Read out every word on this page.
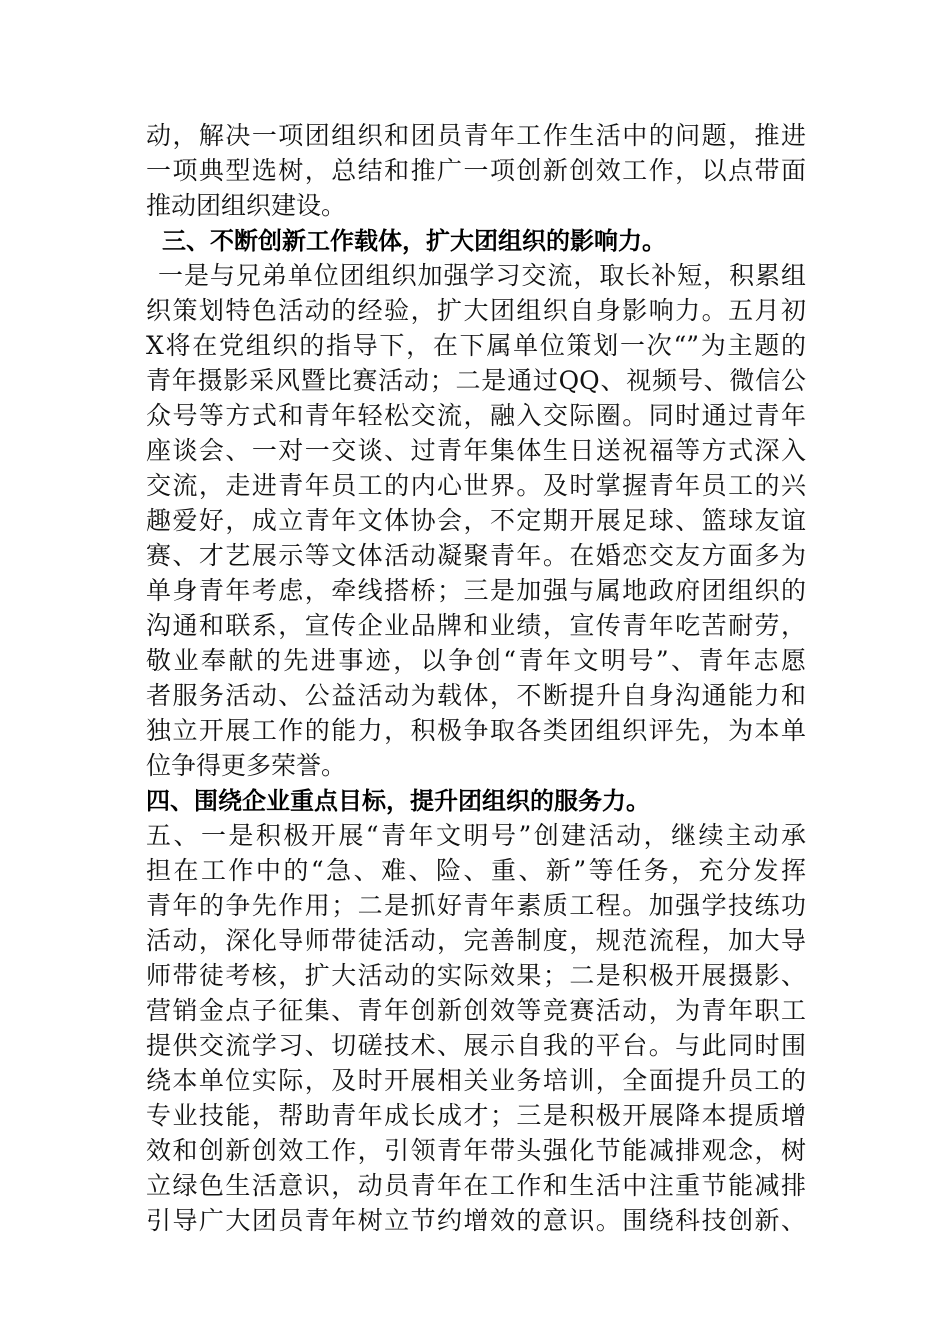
动，解决一项团组织和团员青年工作生活中的问题，推进
一项典型选树，总结和推广一项创新创效工作，以点带面
推动团组织建设。
三、不断创新工作载体，扩大团组织的影响力。
一是与兄弟单位团组织加强学习交流，取长补短，积累组
织策划特色活动的经验，扩大团组织自身影响力。五月初
X将在党组织的指导下，在下属单位策划一次“”为主题的
青年摄影采风暨比赛活动；二是通过QQ、视频号、微信公
众号等方式和青年轻松交流，融入交际圈。同时通过青年
座谈会、一对一交谈、过青年集体生日送祝福等方式深入
交流，走进青年员工的内心世界。及时掌握青年员工的兴
趣爱好，成立青年文体协会，不定期开展足球、篮球友谊
赛、才艺展示等文体活动凝聚青年。在婚恋交友方面多为
单身青年考虑，牵线搭桥；三是加强与属地政府团组织的
沟通和联系，宣传企业品牌和业绩，宣传青年吃苦耐劳，
敬业奉献的先进事迹，以争创“青年文明号”、青年志愿
者服务活动、公益活动为载体，不断提升自身沟通能力和
独立开展工作的能力，积极争取各类团组织评先，为本单
位争得更多荣誉。
四、围绕企业重点目标，提升团组织的服务力。
五、一是积极开展“青年文明号”创建活动，继续主动承
担在工作中的“急、难、险、重、新”等任务，充分发挥
青年的争先作用；二是抓好青年素质工程。加强学技练功
活动，深化导师带徒活动，完善制度，规范流程，加大导
师带徒考核，扩大活动的实际效果；二是积极开展摄影、
营销金点子征集、青年创新创效等竞赛活动，为青年职工
提供交流学习、切磋技术、展示自我的平台。与此同时围
绕本单位实际，及时开展相关业务培训，全面提升员工的
专业技能，帮助青年成长成才；三是积极开展降本提质增
效和创新创效工作，引领青年带头强化节能减排观念，树
立绿色生活意识，动员青年在工作和生活中注重节能减排
引导广大团员青年树立节约增效的意识。围绕科技创新、
